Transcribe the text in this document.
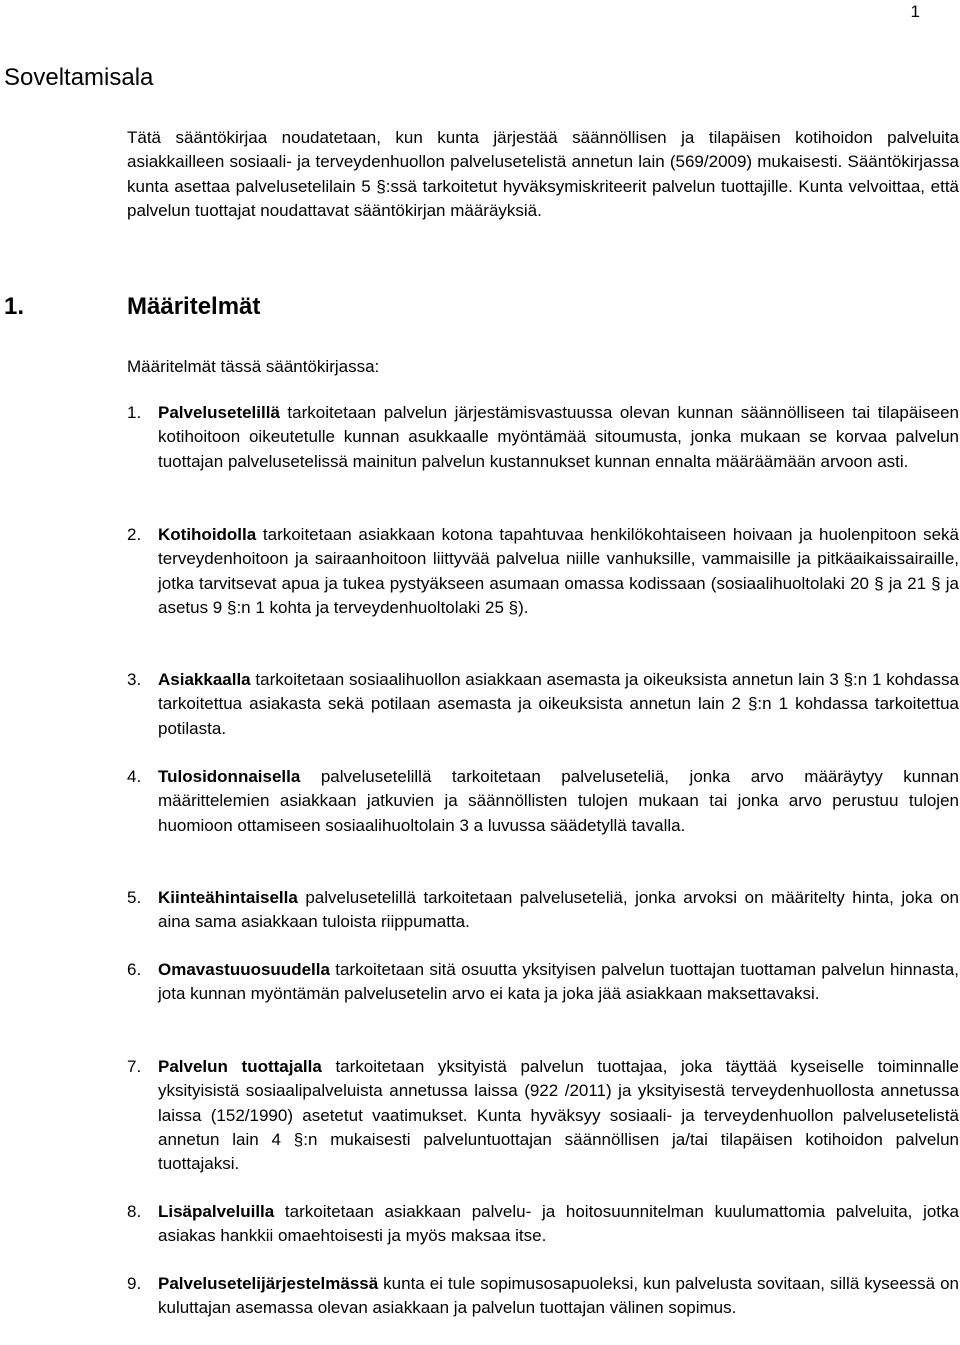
1
Soveltamisala

Tätä sääntökirjaa noudatetaan, kun kunta järjestää säännöllisen ja tilapäisen kotihoidon palveluita asiakkailleen sosiaali- ja terveydenhuollon palvelusetelistä annetun lain (569/2009) mukaisesti. Sääntökirjassa kunta asettaa palvelusetelilain 5 §:ssä tarkoitetut hyväksymiskriteerit palvelun tuottajille. Kunta velvoittaa, että palvelun tuottajat noudattavat sääntökirjan määräyksiä.

1.	Määritelmät

Määritelmät tässä sääntökirjassa:

1. Palvelusetelillä tarkoitetaan palvelun järjestämisvastuussa olevan kunnan säännölliseen tai tilapäiseen kotihoitoon oikeutetulle kunnan asukkaalle myöntämää sitoumusta, jonka mukaan se korvaa palvelun tuottajan palvelusetelissä mainitun palvelun kustannukset kunnan ennalta määräämään arvoon asti.
2. Kotihoidolla tarkoitetaan asiakkaan kotona tapahtuvaa henkilökohtaiseen hoivaan ja huolenpitoon sekä terveydenhoitoon ja sairaanhoitoon liittyvää palvelua niille vanhuksille, vammaisille ja pitkäaikaissairaille, jotka tarvitsevat apua ja tukea pystyäkseen asumaan omassa kodissaan (sosiaalihuoltolaki 20 § ja 21 § ja asetus 9 §:n 1 kohta ja terveydenhuoltolaki 25 §).
3. Asiakkaalla tarkoitetaan sosiaalihuollon asiakkaan asemasta ja oikeuksista annetun lain 3 §:n 1 kohdassa tarkoitettua asiakasta sekä potilaan asemasta ja oikeuksista annetun lain 2 §:n 1 kohdassa tarkoitettua potilasta.
4. Tulosidonnaisella palvelusetelillä tarkoitetaan palveluseteliä, jonka arvo määräytyy kunnan määrittelemien asiakkaan jatkuvien ja säännöllisten tulojen mukaan tai jonka arvo perustuu tulojen huomioon ottamiseen sosiaalihuoltolain 3 a luvussa säädetyllä tavalla.
5. Kiinteähintaisella palvelusetelillä tarkoitetaan palveluseteliä, jonka arvoksi on määritelty hinta, joka on aina sama asiakkaan tuloista riippumatta.
6. Omavastuuosuudella tarkoitetaan sitä osuutta yksityisen palvelun tuottajan tuottaman palvelun hinnasta, jota kunnan myöntämän palvelusetelin arvo ei kata ja joka jää asiakkaan maksettavaksi.
7. Palvelun tuottajalla tarkoitetaan yksityistä palvelun tuottajaa, joka täyttää kyseiselle toiminnalle yksityisistä sosiaalipalveluista annetussa laissa (922 /2011) ja yksityisestä terveydenhuollosta annetussa laissa (152/1990) asetetut vaatimukset. Kunta hyväksyy sosiaali- ja terveydenhuollon palvelusetelistä annetun lain 4 §:n mukaisesti palveluntuottajan säännöllisen ja/tai tilapäisen kotihoidon palvelun tuottajaksi.
8. Lisäpalveluilla tarkoitetaan asiakkaan palvelu- ja hoitosuunnitelman kuulumattomia palveluita, jotka asiakas hankkii omaehtoisesti ja myös maksaa itse.
9. Palvelusetelijärjestelmässä kunta ei tule sopimusosapuoleksi, kun palvelusta sovitaan, sillä kyseessä on kuluttajan asemassa olevan asiakkaan ja palvelun tuottajan välinen sopimus.
